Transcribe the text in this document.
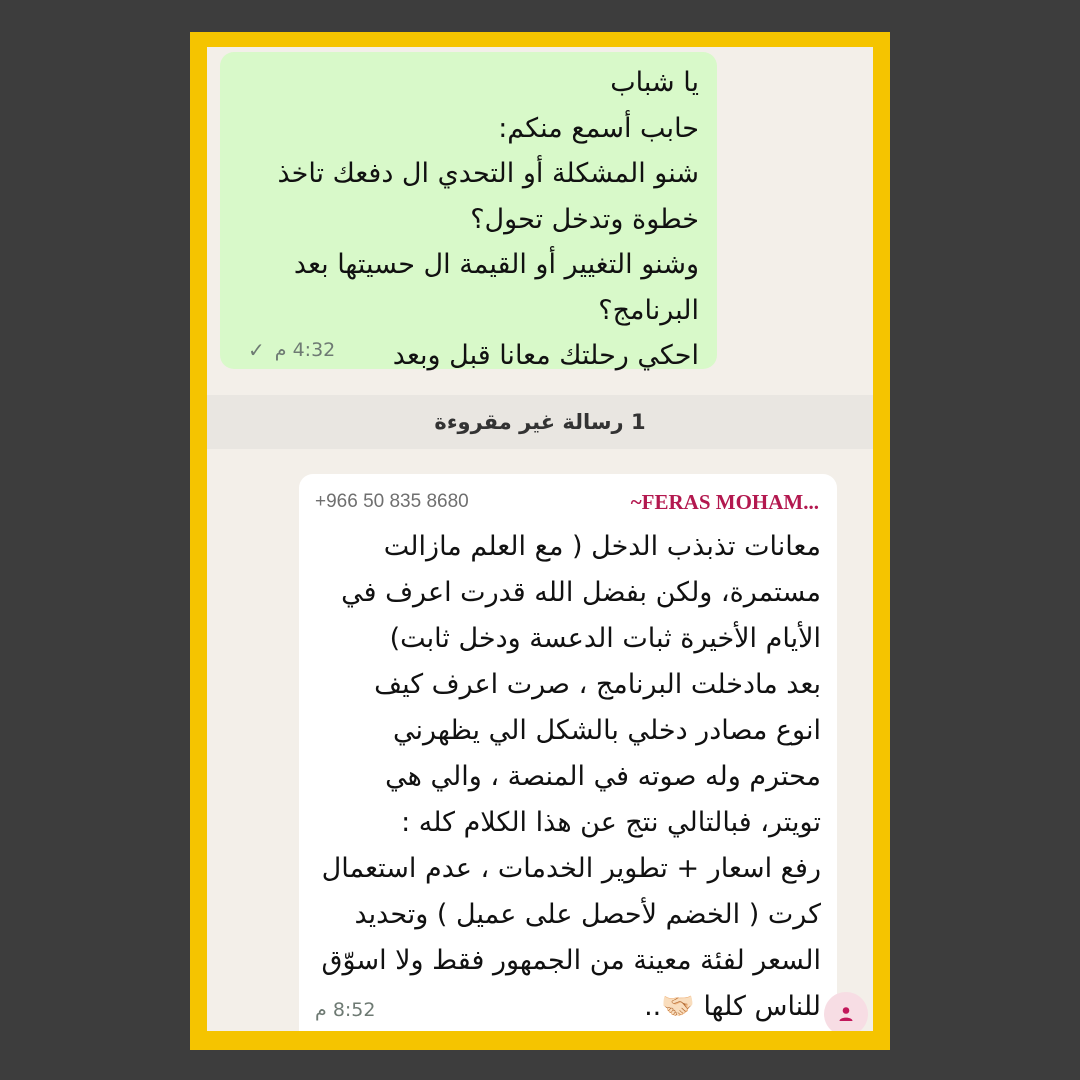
يا شباب
حابب أسمع منكم:
شنو المشكلة أو التحدي ال دفعك تاخذ خطوة وتدخل تحول؟
وشنو التغيير أو القيمة ال حسيتها بعد البرنامج؟
احكي رحلتك معانا قبل وبعد

✓ 4:32 م
1 رسالة غير مقروءة
+966 50 835 8680	~FERAS MOHAM...

معانات تذبذب الدخل ( مع العلم مازالت مستمرة، ولكن بفضل الله قدرت اعرف في الأيام الأخيرة ثبات الدعسة ودخل ثابت)
بعد مادخلت البرنامج ، صرت اعرف كيف انوع مصادر دخلي بالشكل الي يظهرني محترم وله صوته في المنصة ، والي هي تويتر، فبالتالي نتج عن هذا الكلام كله :
رفع اسعار + تطوير الخدمات ، عدم استعمال كرت ( الخضم لأحصل على عميل ) وتحديد السعر لفئة معينة من الجمهور فقط ولا اسوّق للناس كلها 🤝🏻..

8:52 م
